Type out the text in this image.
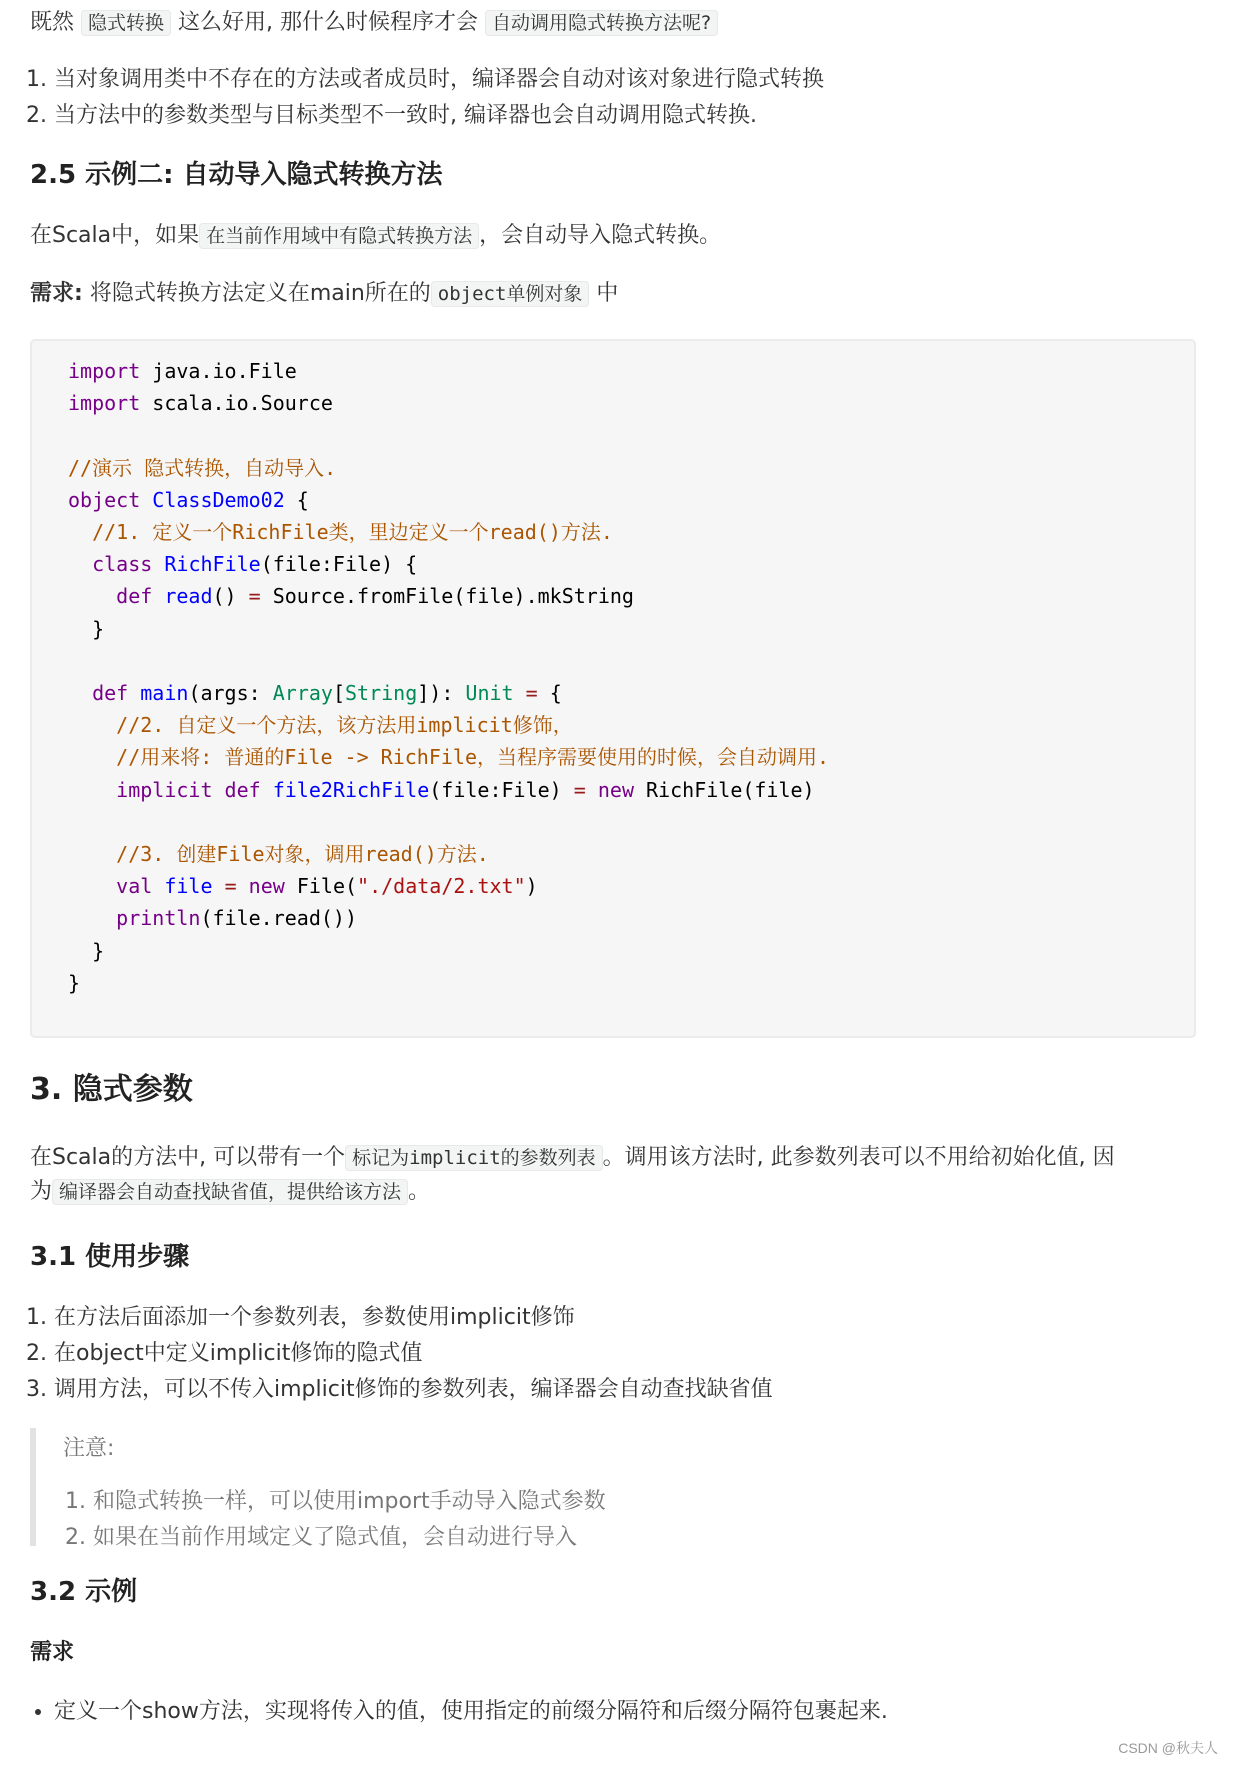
既然 隐式转换 这么好用, 那什么时候程序才会 自动调用隐式转换方法呢?

1. 当对象调用类中不存在的方法或者成员时，编译器会自动对该对象进行隐式转换
2. 当方法中的参数类型与目标类型不一致时, 编译器也会自动调用隐式转换.
2.5 示例二: 自动导入隐式转换方法

在Scala中，如果 在当前作用域中有隐式转换方法 ，会自动导入隐式转换。

需求: 将隐式转换方法定义在main所在的 object单例对象 中

import java.io.File
import scala.io.Source

//演示 隐式转换，自动导入.
object ClassDemo02 {
//1. 定义一个RichFile类，里边定义一个read()方法.
class RichFile(file:File) {
def read() = Source.fromFile(file).mkString
}

def main(args: Array[String]): Unit = {
//2. 自定义一个方法，该方法用implicit修饰，
//用来将: 普通的File -> RichFile，当程序需要使用的时候，会自动调用.
implicit def file2RichFile(file:File) = new RichFile(file)

//3. 创建File对象，调用read()方法.
val file = new File("./data/2.txt")
println(file.read())
}
}
3. 隐式参数

在Scala的方法中, 可以带有一个 标记为implicit的参数列表 。调用该方法时, 此参数列表可以不用给初始化值, 因
为 编译器会自动查找缺省值，提供给该方法 。

3.1 使用步骤
1. 在方法后面添加一个参数列表，参数使用implicit修饰
2. 在object中定义implicit修饰的隐式值
3. 调用方法，可以不传入implicit修饰的参数列表，编译器会自动查找缺省值

注意:

1. 和隐式转换一样，可以使用import手动导入隐式参数
2. 如果在当前作用域定义了隐式值，会自动进行导入
3.2 示例
需求
• 定义一个show方法，实现将传入的值，使用指定的前缀分隔符和后缀分隔符包裹起来.
CSDN @秋夫人
